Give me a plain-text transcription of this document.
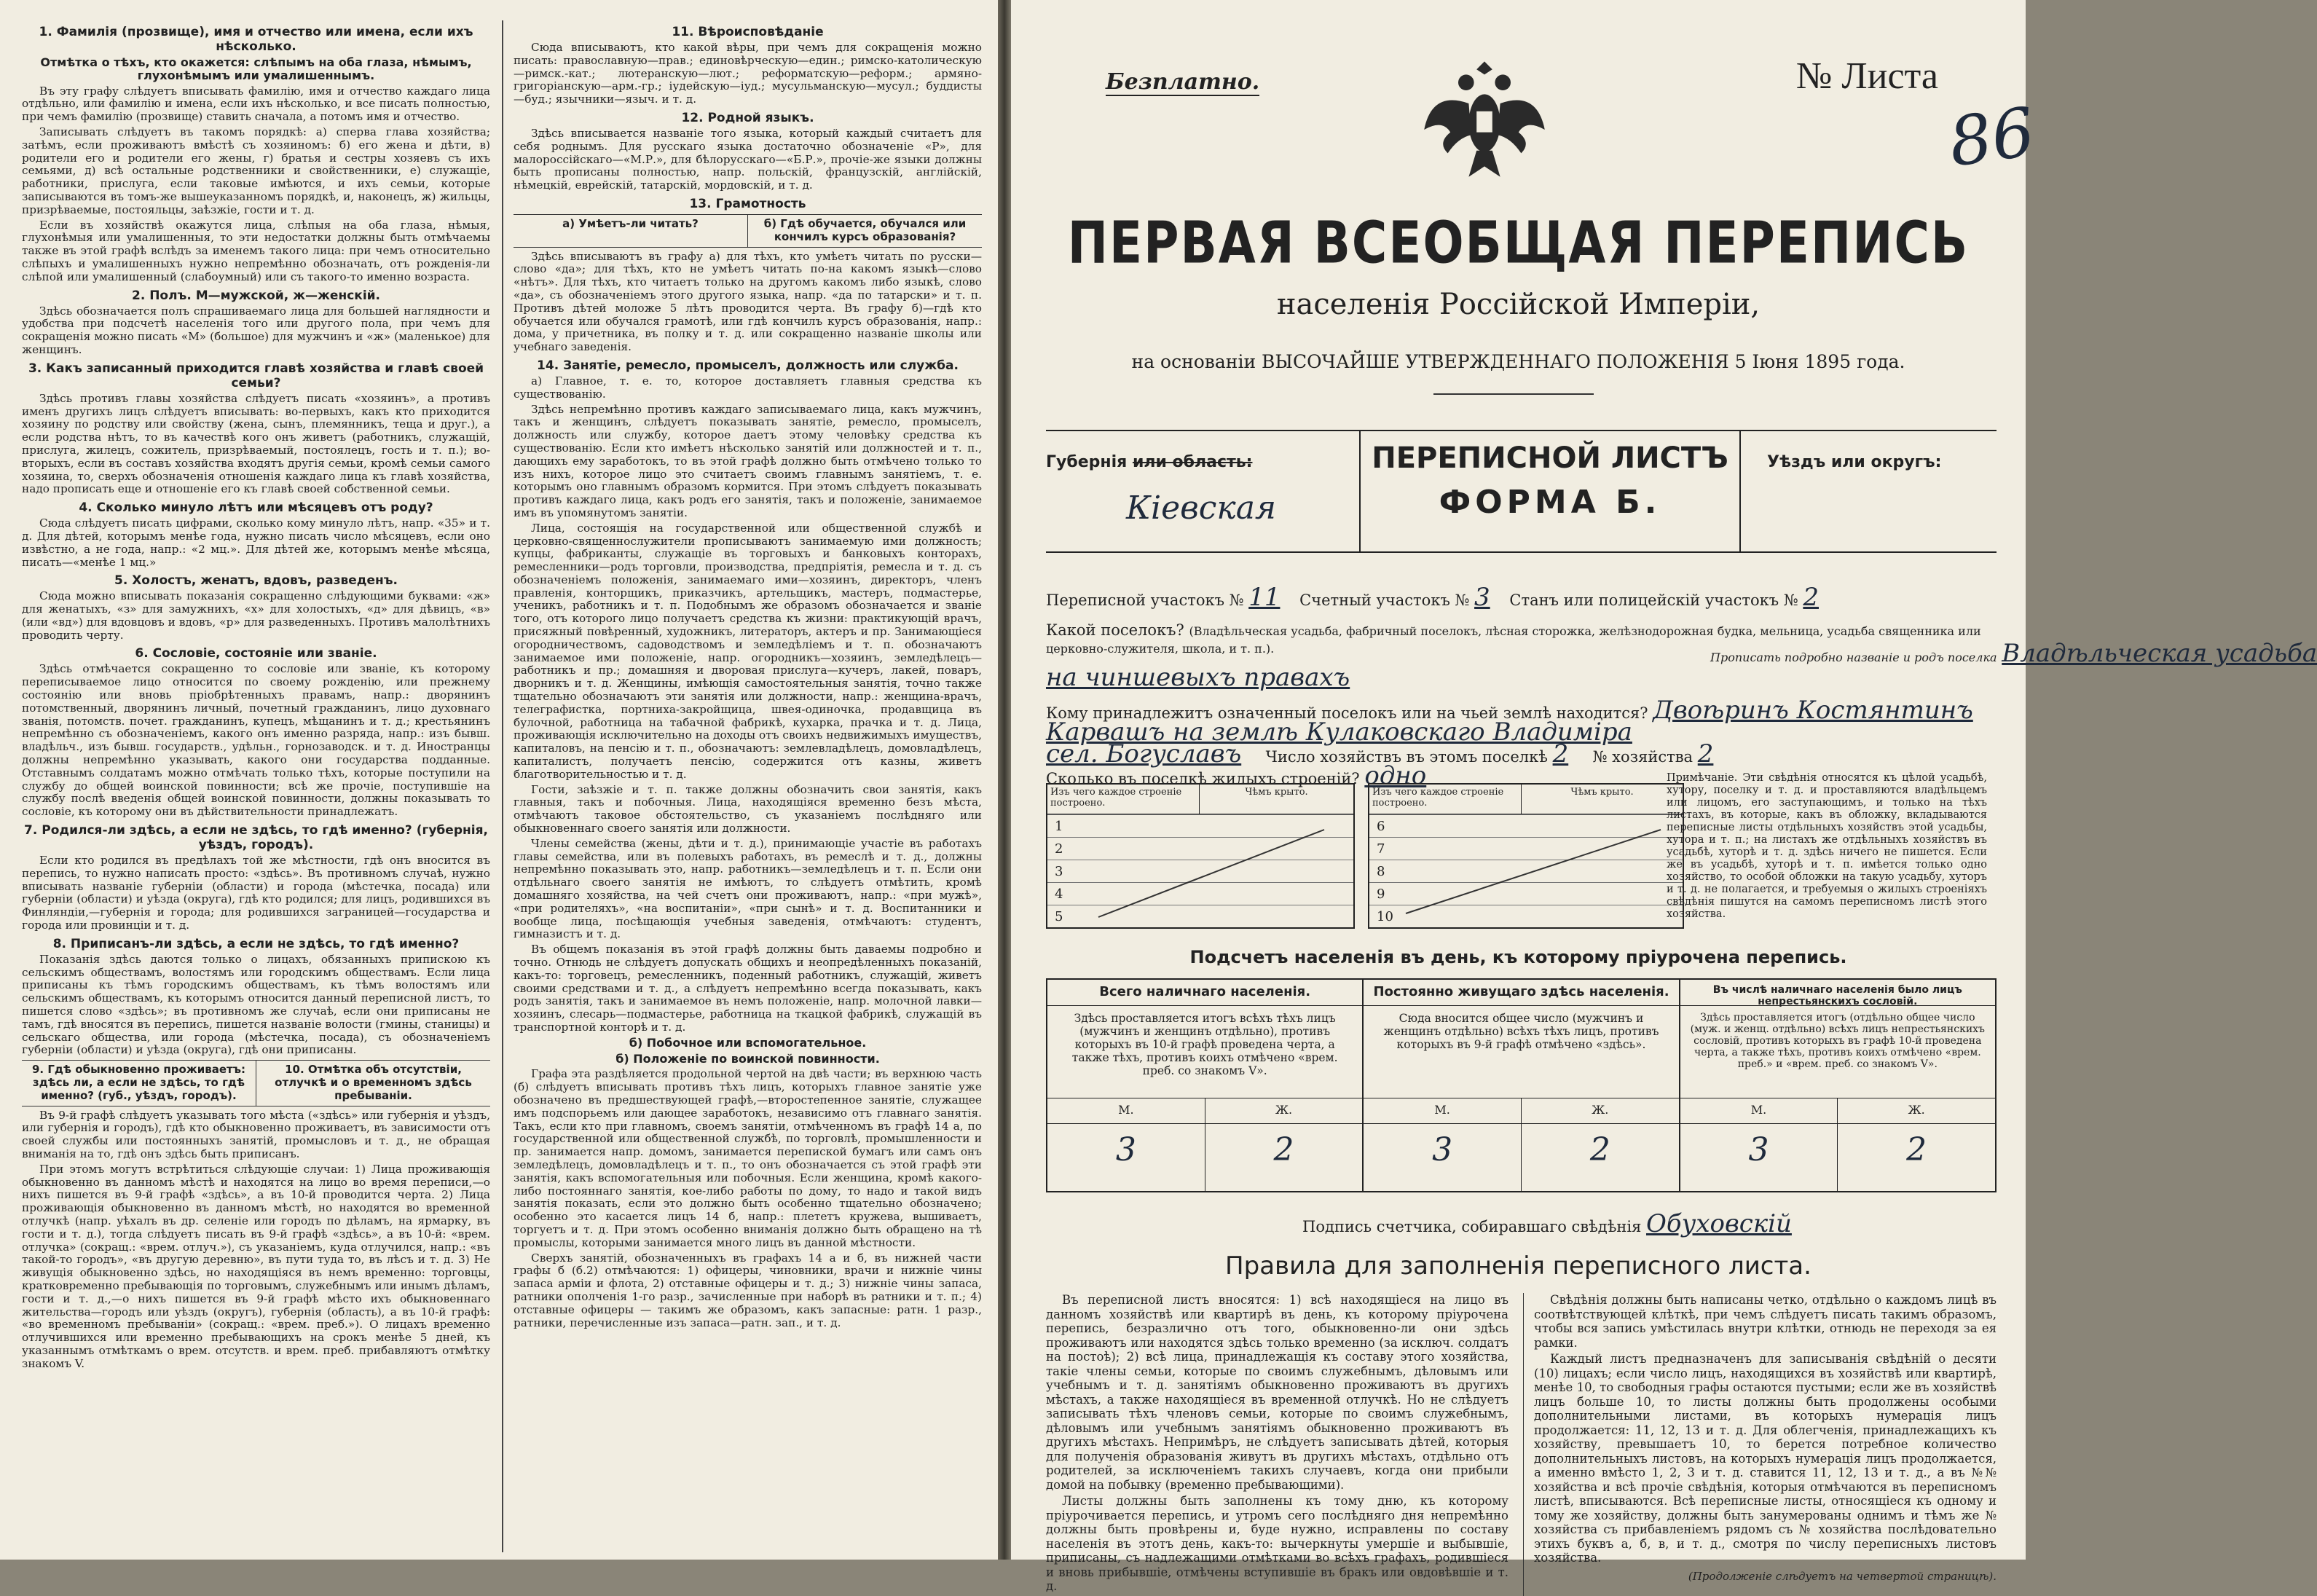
1. Фамилія (прозвище), имя и отчество или имена, если ихъ нѣсколько.
Отмѣтка о тѣхъ, кто окажется: слѣпымъ на оба глаза, нѣмымъ, глухонѣмымъ или умалишеннымъ.

Въ эту графу слѣдуетъ вписывать фамилію, имя и отчество каждаго лица отдѣльно, или фамилію и имена, если ихъ нѣсколько, и все писать полностью, при чемъ фамилію (прозвище) ставить сначала, а потомъ имя и отчество.

Записывать слѣдуетъ въ такомъ порядкѣ: а) сперва глава хозяйства; затѣмъ, если проживаютъ вмѣстѣ съ хозяиномъ: б) его жена и дѣти, в) родители его и родители его жены, г) братья и сестры хозяевъ съ ихъ семьями, д) всѣ остальные родственники и свойственники, е) служащіе, работники, прислуга, если таковые имѣются, и ихъ семьи, которые записываются въ томъ-же вышеуказанномъ порядкѣ, и, наконецъ, ж) жильцы, призрѣваемые, постояльцы, заѣзжіе, гости и т. д.

Если въ хозяйствѣ окажутся лица, слѣпыя на оба глаза, нѣмыя, глухонѣмыя или умалишенныя, то эти недостатки должны быть отмѣчаемы также въ этой графѣ вслѣдъ за именемъ такого лица: при чемъ относительно слѣпыхъ и умалишенныхъ нужно непремѣнно обозначать, отъ рожденія-ли слѣпой или умалишенный (слабоумный) или съ такого-то именно возраста.

2. Полъ. М—мужской, ж—женскій.

Здѣсь обозначается полъ спрашиваемаго лица для большей наглядности и удобства при подсчетѣ населенія того или другого пола, при чемъ для сокращенія можно писать «М» (большое) для мужчинъ и «ж» (маленькое) для женщинъ.

3. Какъ записанный приходится главѣ хозяйства и главѣ своей семьи?

Здѣсь противъ главы хозяйства слѣдуетъ писать «хозяинъ», а противъ именъ другихъ лицъ слѣдуетъ вписывать: во-первыхъ, какъ кто приходится хозяину по родству или свойству (жена, сынъ, племянникъ, теща и друг.), а если родства нѣтъ, то въ качествѣ кого онъ живетъ (работникъ, служащій, прислуга, жилецъ, сожитель, призрѣваемый, постоялецъ, гость и т. п.); во-вторыхъ, если въ составъ хозяйства входятъ другія семьи, кромѣ семьи самого хозяина, то, сверхъ обозначенія отношенія каждаго лица къ главѣ хозяйства, надо прописать еще и отношеніе его къ главѣ своей собственной семьи.

4. Сколько минуло лѣтъ или мѣсяцевъ отъ роду?

Сюда слѣдуетъ писать цифрами, сколько кому минуло лѣтъ, напр. «35» и т. д. Для дѣтей, которымъ менѣе года, нужно писать число мѣсяцевъ, если оно извѣстно, а не года, напр.: «2 мц.». Для дѣтей же, которымъ менѣе мѣсяца, писать—«менѣе 1 мц.»

5. Холостъ, женатъ, вдовъ, разведенъ.

Сюда можно вписывать показанія сокращенно слѣдующими буквами: «ж» для женатыхъ, «з» для замужнихъ, «х» для холостыхъ, «д» для дѣвицъ, «в» (или «вд») для вдовцовъ и вдовъ, «р» для разведенныхъ. Противъ малолѣтнихъ проводить черту.

6. Сословіе, состояніе или званіе.

Здѣсь отмѣчается сокращенно то сословіе или званіе, къ которому переписываемое лицо относится по своему рожденію, или прежнему состоянію или вновь пріобрѣтенныхъ правамъ, напр.: дворянинъ потомственный, дворянинъ личный, почетный гражданинъ, лицо духовнаго званія, потомств. почет. гражданинъ, купецъ, мѣщанинъ и т. д.; крестьянинъ непремѣнно съ обозначеніемъ, какого онъ именно разряда, напр.: изъ бывш. владѣльч., изъ бывш. государств., удѣльн., горнозаводск. и т. д. Иностранцы должны непремѣнно указывать, какого они государства подданные. Отставнымъ солдатамъ можно отмѣчать только тѣхъ, которые поступили на службу до общей воинской повинности; всѣ же прочіе, поступившіе на службу послѣ введенія общей воинской повинности, должны показывать то сословіе, къ которому они въ дѣйствительности принадлежатъ.

7. Родился-ли здѣсь, а если не здѣсь, то гдѣ именно? (губернія, уѣздъ, городъ).

Если кто родился въ предѣлахъ той же мѣстности, гдѣ онъ вносится въ перепись, то нужно написать просто: «здѣсь». Въ противномъ случаѣ, нужно вписывать названіе губерніи (области) и города (мѣстечка, посада) или губерніи (области) и уѣзда (округа), гдѣ кто родился; для лицъ, родившихся въ Финляндіи,—губернія и города; для родившихся заграницей—государства и города или провинціи и т. д.

8. Приписанъ-ли здѣсь, а если не здѣсь, то гдѣ именно?

Показанія здѣсь даются только о лицахъ, обязанныхъ припискою къ сельскимъ обществамъ, волостямъ или городскимъ обществамъ. Если лица приписаны къ тѣмъ городскимъ обществамъ, къ тѣмъ волостямъ или сельскимъ обществамъ, къ которымъ относится данный переписной листъ, то пишется слово «здѣсь»; въ противномъ же случаѣ, если они приписаны не тамъ, гдѣ вносятся въ перепись, пишется названіе волости (гмины, станицы) и сельскаго общества, или города (мѣстечка, посада), съ обозначеніемъ губерніи (области) и уѣзда (округа), гдѣ они приписаны.

9. Гдѣ обыкновенно проживаетъ: здѣсь ли, а если не здѣсь, то гдѣ именно? (губ., уѣздъ, городъ).
10. Отмѣтка объ отсутствіи, отлучкѣ и о временномъ здѣсь пребываніи.

Въ 9-й графѣ слѣдуетъ указывать того мѣста («здѣсь» или губернія и уѣздъ, или губернія и городъ), гдѣ кто обыкновенно проживаетъ, въ зависимости отъ своей службы или постоянныхъ занятій, промысловъ и т. д., не обращая вниманія на то, гдѣ онъ здѣсь быть приписанъ.

При этомъ могутъ встрѣтиться слѣдующіе случаи: 1) Лица проживающія обыкновенно въ данномъ мѣстѣ и находятся на лицо во время переписи,—о нихъ пишется въ 9-й графѣ «здѣсь», а въ 10-й проводится черта. 2) Лица проживающія обыкновенно въ данномъ мѣстѣ, но находятся во временной отлучкѣ (напр. уѣхалъ въ др. селеніе или городъ по дѣламъ, на ярмарку, въ гости и т. д.), тогда слѣдуетъ писать въ 9-й графѣ «здѣсь», а въ 10-й: «врем. отлучка» (сокращ.: «врем. отлуч.»), съ указаніемъ, куда отлучился, напр.: «въ такой-то городъ», «въ другую деревню», въ пути туда то, въ лѣсъ и т. д. 3) Не живущія обыкновенно здѣсь, но находящіяся въ немъ временно: торговцы, кратковременно пребывающія по торговымъ, служебнымъ или инымъ дѣламъ, гости и т. д.,—о нихъ пишется въ 9-й графѣ мѣсто ихъ обыкновеннаго жительства—городъ или уѣздъ (округъ), губернія (область), а въ 10-й графѣ: «во временномъ пребываніи» (сокращ.: «врем. преб.»). О лицахъ временно отлучившихся или временно пребывающихъ на срокъ менѣе 5 дней, къ указаннымъ отмѣткамъ о врем. отсутств. и врем. преб. прибавляютъ отмѣтку знакомъ V.

11. Вѣроисповѣданіе

Сюда вписываютъ, кто какой вѣры, при чемъ для сокращенія можно писать: православную—прав.; единовѣрческую—един.; римско-католическую—римск.-кат.; лютеранскую—лют.; реформатскую—реформ.; армяно-григоріанскую—арм.-гр.; іудейскую—іуд.; мусульманскую—мусул.; буддисты—буд.; язычники—языч. и т. д.

12. Родной языкъ.

Здѣсь вписывается названіе того языка, который каждый считаетъ для себя роднымъ. Для русскаго языка достаточно обозначеніе «Р», для малороссійскаго—«М.Р.», для бѣлорусскаго—«Б.Р.», прочіе-же языки должны быть прописаны полностью, напр. польскій, французскій, англійскій, нѣмецкій, еврейскій, татарскій, мордовскій, и т. д.

13. Грамотность
а) Умѣетъ-ли читать?	б) Гдѣ обучается, обучался или кончилъ курсъ образованія?

Здѣсь вписываютъ въ графу а) для тѣхъ, кто умѣетъ читать по русски—слово «да»; для тѣхъ, кто не умѣетъ читать по-на какомъ языкѣ—слово «нѣтъ». Для тѣхъ, кто читаетъ только на другомъ какомъ либо языкѣ, слово «да», съ обозначеніемъ этого другого языка, напр. «да по татарски» и т. п. Противъ дѣтей моложе 5 лѣтъ проводится черта. Въ графу б)—гдѣ кто обучается или обучался грамотѣ, или гдѣ кончилъ курсъ образованія, напр.: дома, у причетника, въ полку и т. д. или сокращенно названіе школы или учебнаго заведенія.

14. Занятіе, ремесло, промыселъ, должность или служба.

а) Главное, т. е. то, которое доставляетъ главныя средства къ существованію.

Здѣсь непремѣнно противъ каждаго записываемаго лица, какъ мужчинъ, такъ и женщинъ, слѣдуетъ показывать занятіе, ремесло, промыселъ, должность или службу, которое даетъ этому человѣку средства къ существованію. Если кто имѣетъ нѣсколько занятій или должностей и т. п., дающихъ ему заработокъ, то въ этой графѣ должно быть отмѣчено только то изъ нихъ, которое лицо это считаетъ своимъ главнымъ занятіемъ, т. е. которымъ оно главнымъ образомъ кормится. При этомъ слѣдуетъ показывать противъ каждаго лица, какъ родъ его занятія, такъ и положеніе, занимаемое имъ въ упомянутомъ занятіи.

Лица, состоящія на государственной или общественной службѣ и церковно-священнослужители прописываютъ занимаемую ими должность; купцы, фабриканты, служащіе въ торговыхъ и банковыхъ конторахъ, ремесленники—родъ торговли, производства, предпріятія, ремесла и т. д. съ обозначеніемъ положенія, занимаемаго ими—хозяинъ, директоръ, членъ правленія, конторщикъ, приказчикъ, артельщикъ, мастеръ, подмастерье, ученикъ, работникъ и т. п. Подобнымъ же образомъ обозначается и званіе того, отъ которого лицо получаетъ средства къ жизни: практикующій врачъ, присяжный повѣренный, художникъ, литераторъ, актеръ и пр. Занимающіеся огородничествомъ, садоводствомъ и земледѣліемъ и т. п. обозначаютъ занимаемое ими положеніе, напр. огородникъ—хозяинъ, земледѣлецъ—работникъ и пр.; домашняя и дворовая прислуга—кучеръ, лакей, поваръ, дворникъ и т. д. Женщины, имѣющія самостоятельныя занятія, точно также тщательно обозначаютъ эти занятія или должности, напр.: женщина-врачъ, телеграфистка, портниха-закройщица, швея-одиночка, продавщица въ булочной, работница на табачной фабрикѣ, кухарка, прачка и т. д. Лица, проживающія исключительно на доходы отъ своихъ недвижимыхъ имуществъ, капиталовъ, на пенсію и т. п., обозначаютъ: землевладѣлецъ, домовладѣлецъ, капиталистъ, получаетъ пенсію, содержится отъ казны, живетъ благотворительностью и т. д.

Гости, заѣзжіе и т. п. также должны обозначить свои занятія, какъ главныя, такъ и побочныя. Лица, находящіяся временно безъ мѣста, отмѣчаютъ таковое обстоятельство, съ указаніемъ послѣдняго или обыкновеннаго своего занятія или должности.

Члены семейства (жены, дѣти и т. д.), принимающіе участіе въ работахъ главы семейства, или въ полевыхъ работахъ, въ ремеслѣ и т. д., должны непремѣнно показывать это, напр. работникъ—земледѣлецъ и т. п. Если они отдѣльнаго своего занятія не имѣютъ, то слѣдуетъ отмѣтить, кромѣ домашняго хозяйства, на чей счетъ они проживаютъ, напр.: «при мужѣ», «при родителяхъ», «на воспитаніи», «при сынѣ» и т. д. Воспитанники и вообще лица, посѣщающія учебныя заведенія, отмѣчаютъ: студентъ, гимназистъ и т. д.

Въ общемъ показанія въ этой графѣ должны быть даваемы подробно и точно. Отнюдь не слѣдуетъ допускать общихъ и неопредѣленныхъ показаній, какъ-то: торговецъ, ремесленникъ, поденный работникъ, служащій, живетъ своими средствами и т. д., а слѣдуетъ непремѣнно всегда показывать, какъ родъ занятія, такъ и занимаемое въ немъ положеніе, напр. молочной лавки—хозяинъ, слесарь—подмастерье, работница на ткацкой фабрикѣ, служащій въ транспортной конторѣ и т. д.

б) Побочное или вспомогательное.
б) Положеніе по воинской повинности.

Графа эта раздѣляется продольной чертой на двѣ части; въ верхнюю часть (б) слѣдуетъ вписывать противъ тѣхъ лицъ, которыхъ главное занятіе уже обозначено въ предшествующей графѣ,—второстепенное занятіе, служащее имъ подспорьемъ или дающее заработокъ, независимо отъ главнаго занятія. Такъ, если кто при главномъ, своемъ занятіи, отмѣченномъ въ графѣ 14 а, по государственной или общественной службѣ, по торговлѣ, промышленности и пр. занимается напр. домомъ, занимается перепиской бумагъ или самъ онъ земледѣлецъ, домовладѣлецъ и т. п., то онъ обозначается съ этой графѣ эти занятія, какъ вспомогательныя или побочныя. Если женщина, кромѣ какого-либо постояннаго занятія, кое-либо работы по дому, то надо и такой видъ занятія показать, если это должно быть особенно тщательно обозначено; особенно это касается лицъ 14 б, напр.: плететъ кружева, вышиваетъ, торгуетъ и т. д. При этомъ особенно вниманія должно быть обращено на тѣ промыслы, которыми занимается много лицъ въ данной мѣстности.

Сверхъ занятій, обозначенныхъ въ графахъ 14 а и б, въ нижней части графы б (б.2) отмѣчаются: 1) офицеры, чиновники, врачи и нижніе чины запаса армiи и флота, 2) отставные офицеры и т. д.; 3) нижніе чины запаса, ратники ополченія 1-го разр., зачисленные при наборѣ въ ратники и т. п.; 4) отставные офицеры — такимъ же образомъ, какъ запасные: ратн. 1 разр., ратники, перечисленные изъ запаса—ратн. зап., и т. д.

Безплатно.	№ Листа
86
ПЕРВАЯ ВСЕОБЩАЯ ПЕРЕПИСЬ
населенія Россійской Имперіи,
на основаніи ВЫСОЧАЙШЕ УТВЕРЖДЕННАГО ПОЛОЖЕНІЯ 5 Іюня 1895 года.
Губернія или область:
Кіевская
ПЕРЕПИСНОЙ ЛИСТЪ
ФОРМА Б.
Уѣздъ или округъ:
Переписной участокъ № 11 Счетный участокъ № 3 Станъ или полицейскій участокъ № 2
Какой поселокъ? (Владѣльческая усадьба, фабричный поселокъ, лѣсная сторожка, желѣзнодорожная будка, мельница, усадьба священника или церковно-служителя, школа, и т. п.).
Прописать подробно названіе и родъ поселка Владѣльческая усадьба
на чиншевыхъ правахъ
Кому принадлежитъ означенный поселокъ или на чьей землѣ находится? Двоѣринъ Костянтинъ
Карвашъ на землѣ Кулаковскаго Владиміра
сел. Богуславъ Число хозяйствъ въ этомъ поселкѣ 2 № хозяйства 2
Сколько въ поселкѣ жилыхъ строеній? одно
Изъ чего каждое строеніе построено.
Чѣмъ крыто.
1
2
3
4
5
Изъ чего каждое строеніе построено.
Чѣмъ крыто.
6
7
8
9
10
Примѣчаніе. Эти свѣдѣнія относятся къ цѣлой усадьбѣ, хутору, поселку и т. д. и проставляются владѣльцемъ или лицомъ, его заступающимъ, и только на тѣхъ листахъ, въ которые, какъ въ обложку, вкладываются переписные листы отдѣльныхъ хозяйствъ этой усадьбы, хутора и т. п.; на листахъ же отдѣльныхъ хозяйствъ въ усадьбѣ, хуторѣ и т. д. здѣсь ничего не пишется. Если же въ усадьбѣ, хуторѣ и т. п. имѣется только одно хозяйство, то особой обложки на такую усадьбу, хуторъ и т. д. не полагается, и требуемыя о жилыхъ строеніяхъ свѣдѣнія пишутся на самомъ переписномъ листѣ этого хозяйства.
Подсчетъ населенія въ день, къ которому пріурочена перепись.
Всего наличнаго населенія.
Здѣсь проставляется итогъ всѣхъ тѣхъ лицъ (мужчинъ и женщинъ отдѣльно), противъ которыхъ въ 10-й графѣ проведена черта, а также тѣхъ, противъ коихъ отмѣчено «врем. преб. со знакомъ V».
М.	Ж.
3	2
Постоянно живущаго здѣсь населенія.
Сюда вносится общее число (мужчинъ и женщинъ отдѣльно) всѣхъ тѣхъ лицъ, противъ которыхъ въ 9-й графѣ отмѣчено «здѣсь».
М.	Ж.
3	2
Въ числѣ наличнаго населенія было лицъ непрестьянскихъ сословій.
Здѣсь проставляется итогъ (отдѣльно общее число (муж. и женщ. отдѣльно) всѣхъ лицъ непрестьянскихъ сословій, противъ которыхъ въ графѣ 10-й проведена черта, а также тѣхъ, противъ коихъ отмѣчено «врем. преб.» и «врем. преб. со знакомъ V».
М.	Ж.
3	2
Подпись счетчика, собиравшаго свѣдѣнія Обуховскій
Правила для заполненія переписного листа.

Въ переписной листъ вносятся: 1) всѣ находящіеся на лицо въ данномъ хозяйствѣ или квартирѣ въ день, къ которому пріурочена перепись, безразлично отъ того, обыкновенно-ли они здѣсь проживаютъ или находятся здѣсь только временно (за исключ. солдатъ на постоѣ); 2) всѣ лица, принадлежащія къ составу этого хозяйства, такіе члены семьи, которые по своимъ служебнымъ, дѣловымъ или учебнымъ и т. д. занятіямъ обыкновенно проживаютъ въ другихъ мѣстахъ, а также находящіеся въ временной отлучкѣ. Но не слѣдуетъ записывать тѣхъ членовъ семьи, которые по своимъ служебнымъ, дѣловымъ или учебнымъ занятіямъ обыкновенно проживаютъ въ другихъ мѣстахъ. Непримѣръ, не слѣдуетъ записывать дѣтей, которыя для полученія образованія живутъ въ другихъ мѣстахъ, отдѣльно отъ родителей, за исключеніемъ такихъ случаевъ, когда они прибыли домой на побывку (временно пребывающими).

Листы должны быть заполнены къ тому дню, къ которому пріурочивается перепись, и утромъ сего послѣдняго дня непремѣнно должны быть провѣрены и, буде нужно, исправлены по составу населенія въ этотъ день, какъ-то: вычеркнуты умершіе и выбывшіе, приписаны, съ надлежащими отмѣтками во всѣхъ графахъ, родившіеся и вновь прибывшіе, отмѣчены вступившіе въ бракъ или овдовѣвшіе и т. д.

Свѣдѣнія должны быть написаны четко, отдѣльно о каждомъ лицѣ въ соотвѣтствующей клѣткѣ, при чемъ слѣдуетъ писать такимъ образомъ, чтобы вся запись умѣстилась внутри клѣтки, отнюдь не переходя за ея рамки.

Каждый листъ предназначенъ для записыванія свѣдѣній о десяти (10) лицахъ; если число лицъ, находящихся въ хозяйствѣ или квартирѣ, менѣе 10, то свободныя графы остаются пустыми; если же въ хозяйствѣ лицъ больше 10, то листы должны быть продолжены особыми дополнительными листами, въ которыхъ нумерація лицъ продолжается: 11, 12, 13 и т. д. Для облегченія, принадлежащихъ къ хозяйству, превышаетъ 10, то берется потребное количество дополнительныхъ листовъ, на которыхъ нумерація лицъ продолжается, а именно вмѣсто 1, 2, 3 и т. д. ставится 11, 12, 13 и т. д., а въ №№ хозяйства и всѣ прочіе свѣдѣнія, которыя отмѣчаются въ переписномъ листѣ, вписываются. Всѣ переписные листы, относящіеся къ одному и тому же хозяйству, должны быть занумерованы однимъ и тѣмъ же № хозяйства съ прибавленіемъ рядомъ съ № хозяйства послѣдовательно этихъ буквъ а, б, в, и т. д., смотря по числу переписныхъ листовъ хозяйства.

(Продолженіе слѣдуетъ на четвертой страницѣ).
